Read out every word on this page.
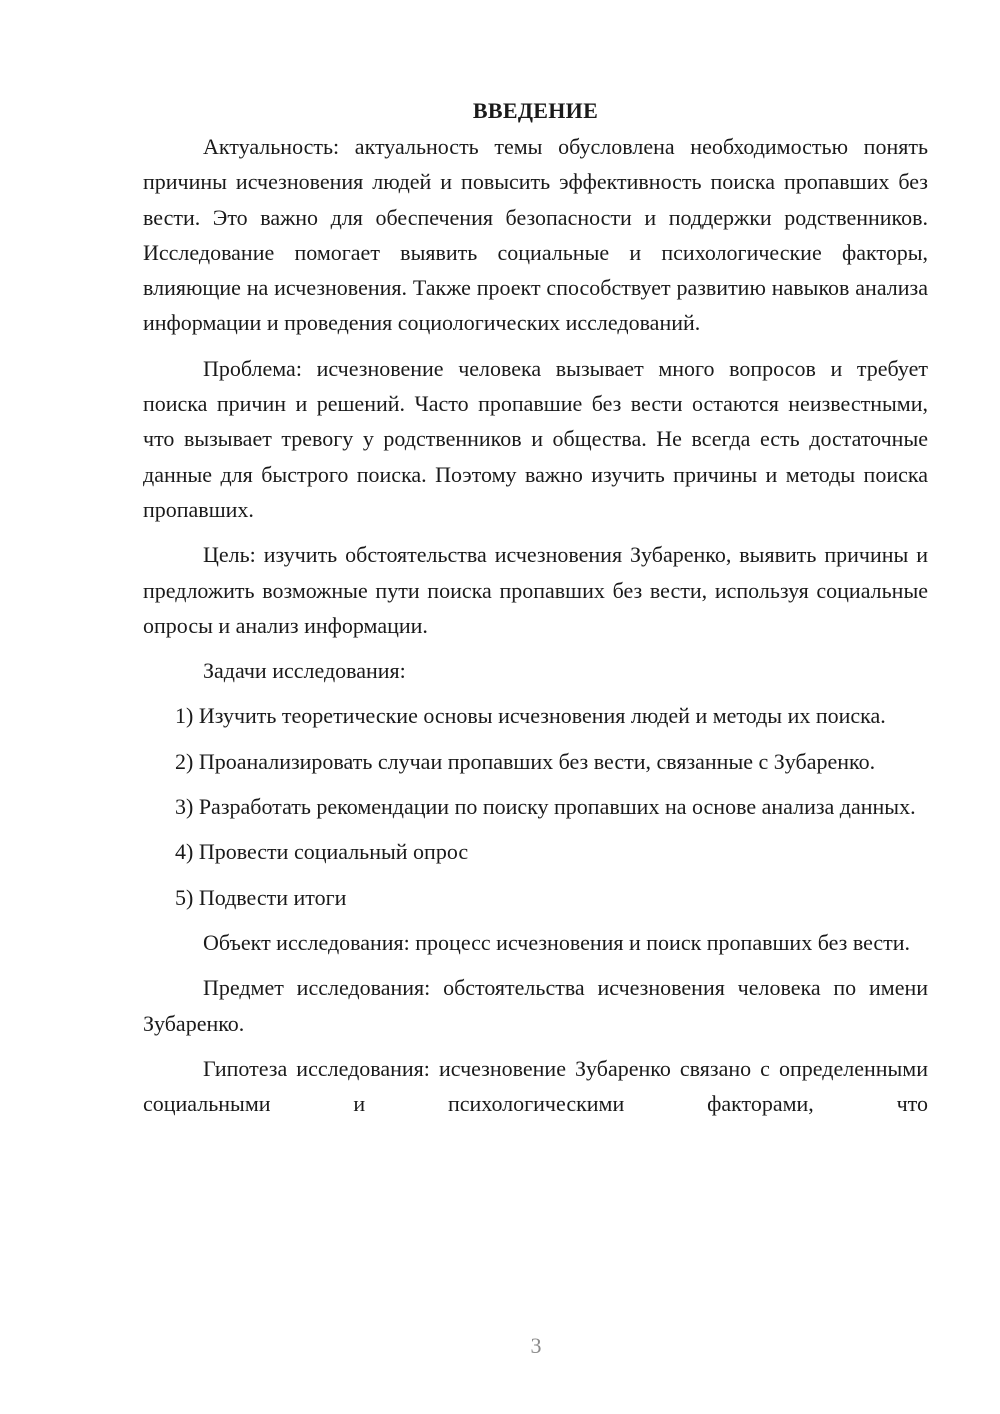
ВВЕДЕНИЕ

Актуальность: актуальность темы обусловлена необходимостью понять причины исчезновения людей и повысить эффективность поиска пропавших без вести. Это важно для обеспечения безопасности и поддержки родственников. Исследование помогает выявить социальные и психологические факторы, влияющие на исчезновения. Также проект способствует развитию навыков анализа информации и проведения социологических исследований.

Проблема: исчезновение человека вызывает много вопросов и требует поиска причин и решений. Часто пропавшие без вести остаются неизвестными, что вызывает тревогу у родственников и общества. Не всегда есть достаточные данные для быстрого поиска. Поэтому важно изучить причины и методы поиска пропавших.

Цель: изучить обстоятельства исчезновения Зубаренко, выявить причины и предложить возможные пути поиска пропавших без вести, используя социальные опросы и анализ информации.

Задачи исследования:

1) Изучить теоретические основы исчезновения людей и методы их поиска.

2) Проанализировать случаи пропавших без вести, связанные с Зубаренко.

3) Разработать рекомендации по поиску пропавших на основе анализа данных.

4) Провести социальный опрос

5) Подвести итоги

Объект исследования: процесс исчезновения и поиск пропавших без вести.

Предмет исследования: обстоятельства исчезновения человека по имени Зубаренко.

Гипотеза исследования: исчезновение Зубаренко связано с определенными социальными и психологическими факторами, что

3
